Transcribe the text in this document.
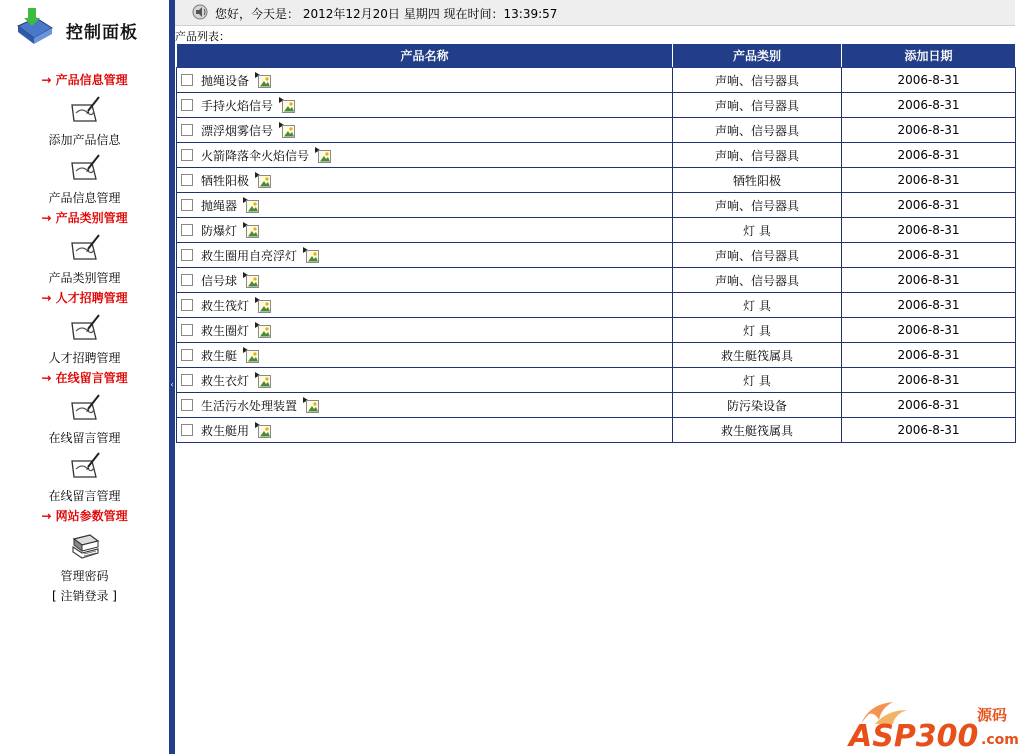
控制面板
→ 产品信息管理
添加产品信息
产品信息管理
→ 产品类别管理
产品类别管理
→ 人才招聘管理
人才招聘管理
→ 在线留言管理
在线留言管理
在线留言管理
→ 网站参数管理
管理密码
[ 注销登录 ]
‹
您好，今天是： 2012年12月20日 星期四 现在时间：13:39:57
产品列表：
产品名称	产品类别	添加日期
抛绳设备	声响、信号器具	2006-8-31
手持火焰信号	声响、信号器具	2006-8-31
漂浮烟雾信号	声响、信号器具	2006-8-31
火箭降落伞火焰信号	声响、信号器具	2006-8-31
牺牲阳极	牺牲阳极	2006-8-31
抛绳器	声响、信号器具	2006-8-31
防爆灯	灯 具	2006-8-31
救生圈用自亮浮灯	声响、信号器具	2006-8-31
信号球	声响、信号器具	2006-8-31
救生筏灯	灯 具	2006-8-31
救生圈灯	灯 具	2006-8-31
救生艇	救生艇筏属具	2006-8-31
救生衣灯	灯 具	2006-8-31
生活污水处理装置	防污染设备	2006-8-31
救生艇用	救生艇筏属具	2006-8-31
ASP300
源码
.com
